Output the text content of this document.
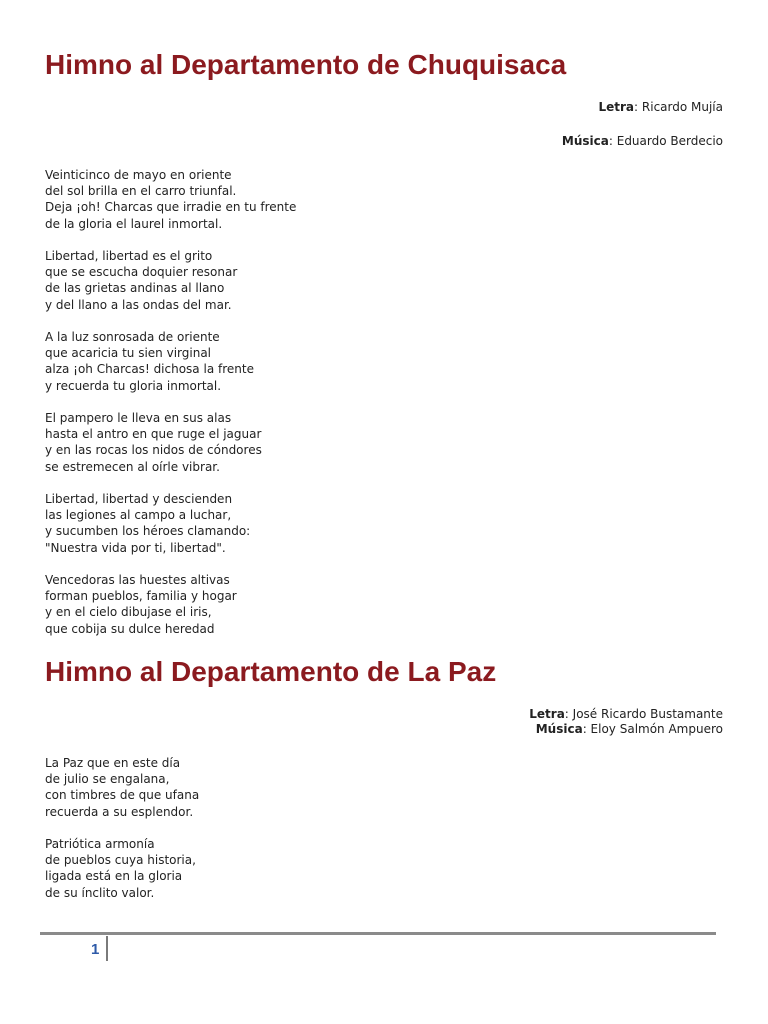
Himno al Departamento de Chuquisaca
Letra: Ricardo Mujía
Música: Eduardo Berdecio

Veinticinco de mayo en oriente
del sol brilla en el carro triunfal.
Deja ¡oh! Charcas que irradie en tu frente
de la gloria el laurel inmortal.

Libertad, libertad es el grito
que se escucha doquier resonar
de las grietas andinas al llano
y del llano a las ondas del mar.

A la luz sonrosada de oriente
que acaricia tu sien virginal
alza ¡oh Charcas! dichosa la frente
y recuerda tu gloria inmortal.

El pampero le lleva en sus alas
hasta el antro en que ruge el jaguar
y en las rocas los nidos de cóndores
se estremecen al oírle vibrar.

Libertad, libertad y descienden
las legiones al campo a luchar,
y sucumben los héroes clamando:
"Nuestra vida por ti, libertad".

Vencedoras las huestes altivas
forman pueblos, familia y hogar
y en el cielo dibujase el iris,
que cobija su dulce heredad

Himno al Departamento de La Paz
Letra: José Ricardo Bustamante
Música: Eloy Salmón Ampuero

La Paz que en este día
de julio se engalana,
con timbres de que ufana
recuerda a su esplendor.

Patriótica armonía
de pueblos cuya historia,
ligada está en la gloria
de su ínclito valor.

1
